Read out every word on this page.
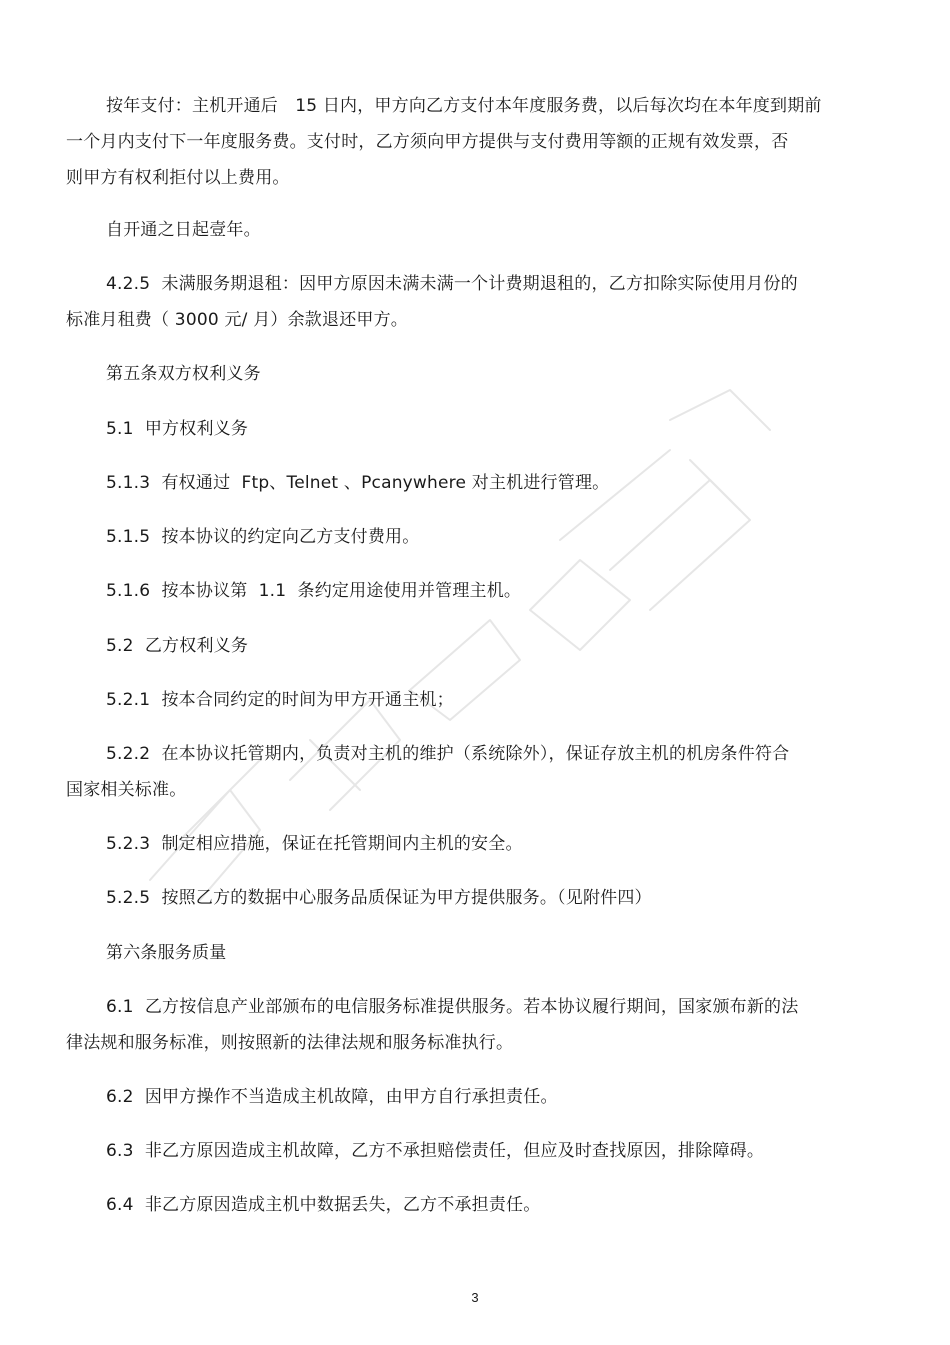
按年支付：主机开通后　15 日内，甲方向乙方支付本年度服务费，以后每次均在本年度到期前

一个月内支付下一年度服务费。支付时，乙方须向甲方提供与支付费用等额的正规有效发票，否

则甲方有权利拒付以上费用。

自开通之日起壹年。

4.2.5  未满服务期退租：因甲方原因未满未满一个计费期退租的，乙方扣除实际使用月份的

标准月租费（ 3000 元/ 月）余款退还甲方。

第五条双方权利义务

5.1  甲方权利义务

5.1.3  有权通过  Ftp、Telnet 、Pcanywhere 对主机进行管理。

5.1.5  按本协议的约定向乙方支付费用。

5.1.6  按本协议第  1.1  条约定用途使用并管理主机。

5.2  乙方权利义务

5.2.1  按本合同约定的时间为甲方开通主机；

5.2.2  在本协议托管期内，负责对主机的维护（系统除外），保证存放主机的机房条件符合

国家相关标准。

5.2.3  制定相应措施，保证在托管期间内主机的安全。

5.2.5  按照乙方的数据中心服务品质保证为甲方提供服务。（见附件四）

第六条服务质量

6.1  乙方按信息产业部颁布的电信服务标准提供服务。若本协议履行期间，国家颁布新的法

律法规和服务标准，则按照新的法律法规和服务标准执行。

6.2  因甲方操作不当造成主机故障，由甲方自行承担责任。

6.3  非乙方原因造成主机故障，乙方不承担赔偿责任，但应及时查找原因，排除障碍。

6.4  非乙方原因造成主机中数据丢失，乙方不承担责任。

3
